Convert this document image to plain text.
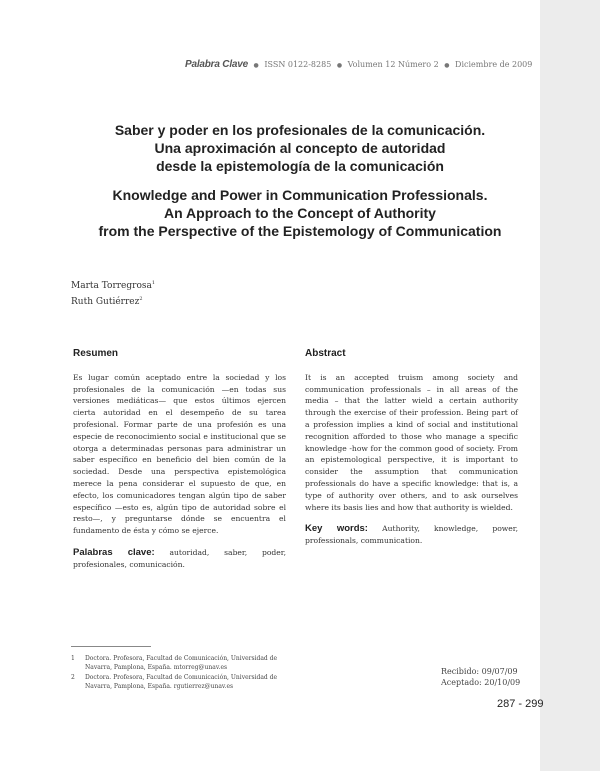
Palabra Clave ● ISSN 0122-8285 ● Volumen 12 Número 2 ● Diciembre de 2009
Saber y poder en los profesionales de la comunicación.
Una aproximación al concepto de autoridad
desde la epistemología de la comunicación
Knowledge and Power in Communication Professionals.
An Approach to the Concept of Authority
from the Perspective of the Epistemology of Communication
Marta Torregrosa$^1$
Ruth Gutiérrez$^2$
Resumen

Es lugar común aceptado entre la sociedad y los profesionales de la comunicación —en todas sus versiones mediáticas— que estos últimos ejercen cierta autoridad en el desempeño de su tarea profesional. Formar parte de una profesión es una especie de reconocimiento social e institucional que se otorga a determinadas personas para administrar un saber específico en beneficio del bien común de la sociedad. Desde una perspectiva epistemológica merece la pena considerar el supuesto de que, en efecto, los comunicadores tengan algún tipo de saber específico —esto es, algún tipo de autoridad sobre el resto—, y preguntarse dónde se encuentra el fundamento de ésta y cómo se ejerce.

Palabras clave: autoridad, saber, poder, profesionales, comunicación.
Abstract

It is an accepted truism among society and communication professionals – in all areas of the media – that the latter wield a certain authority through the exercise of their profession. Being part of a profession implies a kind of social and institutional recognition afforded to those who manage a specific knowledge -how for the common good of society. From an epistemological perspective, it is important to consider the assumption that communication professionals do have a specific knowledge: that is, a type of authority over others, and to ask ourselves where its basis lies and how that authority is wielded.

Key words: Authority, knowledge, power, professionals, communication.
1	Doctora. Profesora, Facultad de Comunicación, Universidad de Navarra, Pamplona, España. mtorreg@unav.es
2	Doctora. Profesora, Facultad de Comunicación, Universidad de Navarra, Pamplona, España. rgutierrez@unav.es
Recibido: 09/07/09
Aceptado: 20/10/09
287 - 299
